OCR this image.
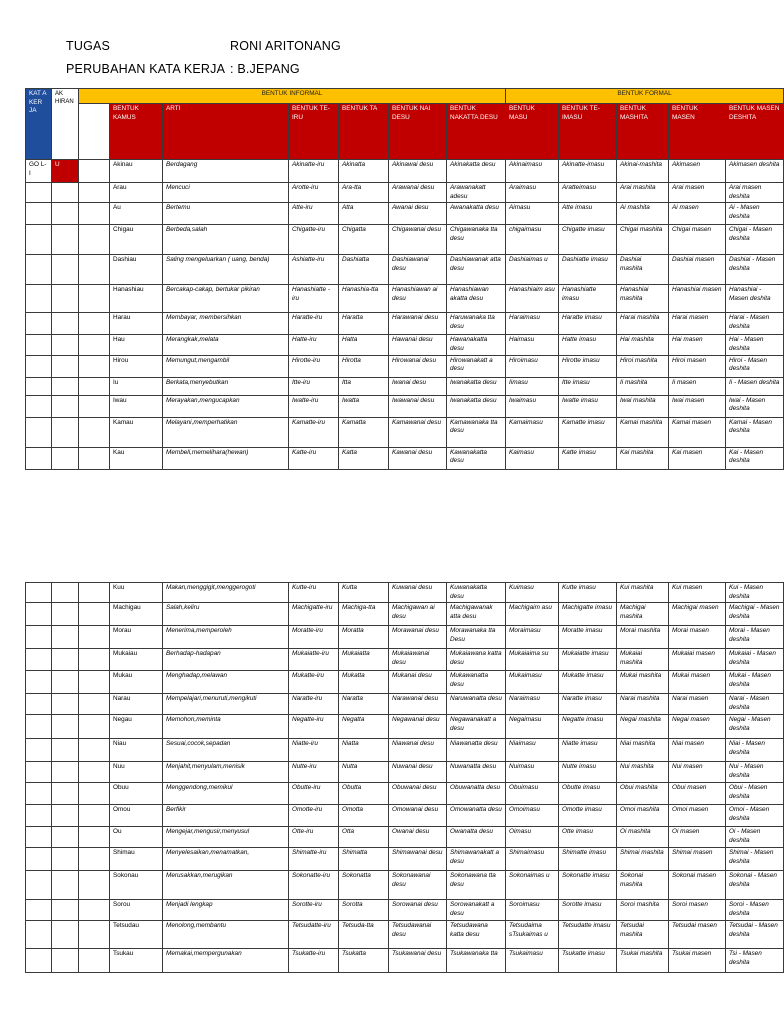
TUGAS	RONI ARITONANG
PERUBAHAN KATA KERJA : B.JEPANG
KAT A KER JA	AK HIRAN	BENTUK INFORMAL							BENTUK FORMAL				
			BENTUK KAMUS	ARTI	BENTUK TE-IRU	BENTUK TA	BENTUK NAI DESU	BENTUK NAKATTA DESU	BENTUK MASU	BENTUK TE-IMASU	BENTUK MASHITA	BENTUK MASEN	BENTUK MASEN DESHITA
GO L-I	U		Akinau	Berdagang	Akinatte-iru	Akinatta	Akinawai desu	Akinakatta desu	Akinaimasu	Akinatte-imasu	Akinai-mashita	Akimasen	Akimasen deshita
			Arau	Mencuci	Arotte-iru	Ara-tta	Arawanai desu	Arawanakatt adesu	Araimasu	Aratteimasu	Arai mashita	Arai masen	Arai masen deshita
			Au	Bertemu	Atte-iru	Atta	Awanai desu	Awanakatta desu	Aimasu	Atte imasu	Ai mashita	Ai masen	Ai - Masen deshita
			Chigau	Berbeda,salah	Chigatte-iru	Chigatta	Chigawanai desu	Chigawanaka tta desu	chigaimasu	Chigatte imasu	Chigai mashita	Chigai masen	Chigai - Masen deshita
			Dashiau	Saling mengeluarkan ( uang, benda)	Ashiatte-iru	Dashiatta	Dashiawanai desu	Dashiawanak atta desu	Dashiaimas u	Dashiatte imasu	Dashiai mashita	Dashiai masen	Dashiai - Masen deshita
			Hanashiau	Bercakap-cakap, bertukar pikiran	Hanashiatte -iru	Hanashia-tta	Hanashiawan ai desu	Hanashiawan akatta desu	Hanashiaim asu	Hanashiatte imasu	Hanashiai mashita	Hanashiai masen	Hanashiai - Masen deshita
			Harau	Membayar, membersihkan	Haratte-iru	Haratta	Harawanai desu	Haruwanaka tta desu	Haraimasu	Haratte imasu	Harai mashita	Harai masen	Harai - Masen deshita
			Hau	Merangkak,melata	Hatte-iru	Hatta	Hawanai desu	Hawanakatta desu	Haimasu	Hatte imasu	Hai mashita	Hai masen	Hai - Masen deshita
			Hirou	Memungut,mengambil	Hirotte-iru	Hirotta	Hirowanai desu	Hirowanakatt a desu	Hiroimasu	Hirotte imasu	Hiroi mashita	Hiroi masen	Hiroi - Masen deshita
			Iu	Berkata,menyebutkan	Itte-iru	Itta	Iwanai desu	Iwanakatta desu	Iimasu	Itte imasu	Ii mashita	Ii masen	Ii - Masen deshita
			Iwau	Merayakan,mengucapkan	Iwatte-iru	Iwatta	Iwawanai desu	Iwanakatta desu	Iwaimasu	Iwatte imasu	Iwai mashita	Iwai masen	Iwai - Masen deshita
			Kamau	Melayani,memperhatikan	Kamatte-iru	Kamatta	Kamawanai desu	Kamawanaka tta desu	Kamaimasu	Kamatte imasu	Kamai mashita	Kamai masen	Kamai - Masen deshita
			Kau	Membeli,memelihara(hewan)	Katte-iru	Katta	Kawanai desu	Kawanakatta desu	Kaimasu	Katte imasu	Kai mashita	Kai masen	Kai - Masen deshita
			Kuu	Makan,menggigit,menggerogoti	Kutte-iru	Kutta	Kuwanai desu	Kuwanakatta desu	Kuimasu	Kutte imasu	Kui mashita	Kui masen	Kui - Masen deshita
			Machigau	Salah,keliru	Machigatte-iru	Machiga-tta	Machigawan ai desu	Machigawanak atta desu	Machigaim asu	Machigatte imasu	Machigai mashita	Machigai masen	Machigai - Masen deshita
			Morau	Menerima,memperoleh	Moratte-iru	Moratta	Morawanai desu	Morawanaka tta Desu	Moraimasu	Moratte imasu	Morai mashita	Morai masen	Morai - Masen deshita
			Mukaiau	Berhadap-hadapan	Mukaiatte-iru	Mukaiatta	Mukaiawanai desu	Mukaiawana katta desu	Mukaiaima su	Mukaiatte imasu	Mukaiai mashita	Mukaiai masen	Mukaiai - Masen deshita
			Mukau	Menghadap,melawan	Mukatte-iru	Mukatta	Mukanai desu	Mukawanatta desu	Mukaimasu	Mukatte imasu	Mukai mashita	Mukai masen	Mukai - Masen deshita
			Narau	Mempelajari,menuruti,mengikuti	Naratte-iru	Naratta	Narawanai desu	Naruwanatta desu	Naraimasu	Naratte imasu	Narai mashita	Narai masen	Narai - Masen deshita
			Negau	Memohon,meminta	Negatte-iru	Negatta	Negawanai desu	Negawanakatt a desu	Negaimasu	Negatte imasu	Negai mashita	Negai masen	Negai - Masen deshita
			Niau	Sesuai,cocok,sepadan	Niatte-iru	Niatta	Niawanai desu	Niawanatta desu	Niaimasu	Niatte imasu	Niai mashita	Niai masen	Niai - Masen deshita
			Nuu	Menjahit,menyulam,menisik	Nutte-iru	Nutta	Nuwanai desu	Nuwanatta desu	Nuimasu	Nutte imasu	Nui mashita	Nui masen	Nui - Masen deshita
			Obuu	Menggendong,memikul	Obutte-iru	Obutta	Obuwanai desu	Obuwanatta desu	Obuimasu	Obutte imasu	Obui mashita	Obui masen	Obui - Masen deshita
			Omou	Berfikir	Omotte-iru	Omotta	Omowanai desu	Omowanatta desu	Omoimasu	Omotte imasu	Omoi mashita	Omoi masen	Omoi - Masen deshita
			Ou	Mengejar,mengusir,menyusul	Otte-iru	Otta	Owanai desu	Owanatta desu	Oimasu	Otte imasu	Oi mashita	Oi masen	Oi - Masen deshita
			Shimau	Menyelesaikan,menamatkan,	Shimatte-iru	Shimatta	Shimawanai desu	Shimawanakatt a desu	Shimaimasu	Shimatte imasu	Shimai mashita	Shimai masen	Shimai - Masen deshita
			Sokonau	Merusakkan,merugikan	Sokonatte-iru	Sokonatta	Sokonawanai desu	Sokonawana tta desu	Sokonaimas u	Sokonatte imasu	Sokonai mashita	Sokonai masen	Sokonai - Masen deshita
			Sorou	Menjadi lengkap	Sorotte-iru	Sorotta	Sorowanai desu	Sorowanakatt a desu	Soroimasu	Sorotte imasu	Soroi mashita	Soroi masen	Soroi - Masen deshita
			Tetsudau	Menolong,membantu	Tetsudatte-iru	Tetsuda-tta	Tetsudawanai desu	Tetsudawana katta desu	Tetsudaima sTsukaimas u	Tetsudatte imasu	Tetsudai mashita	Tetsudai masen	Tetsudai - Masen deshita
			Tsukau	Memakai,mempergunakan	Tsukatte-iru	Tsukatta	Tsukawanai desu	Tsukawanaka tta	Tsukaimasu	Tsukatte imasu	Tsukai mashita	Tsukai masen	Tsi - Masen deshita
